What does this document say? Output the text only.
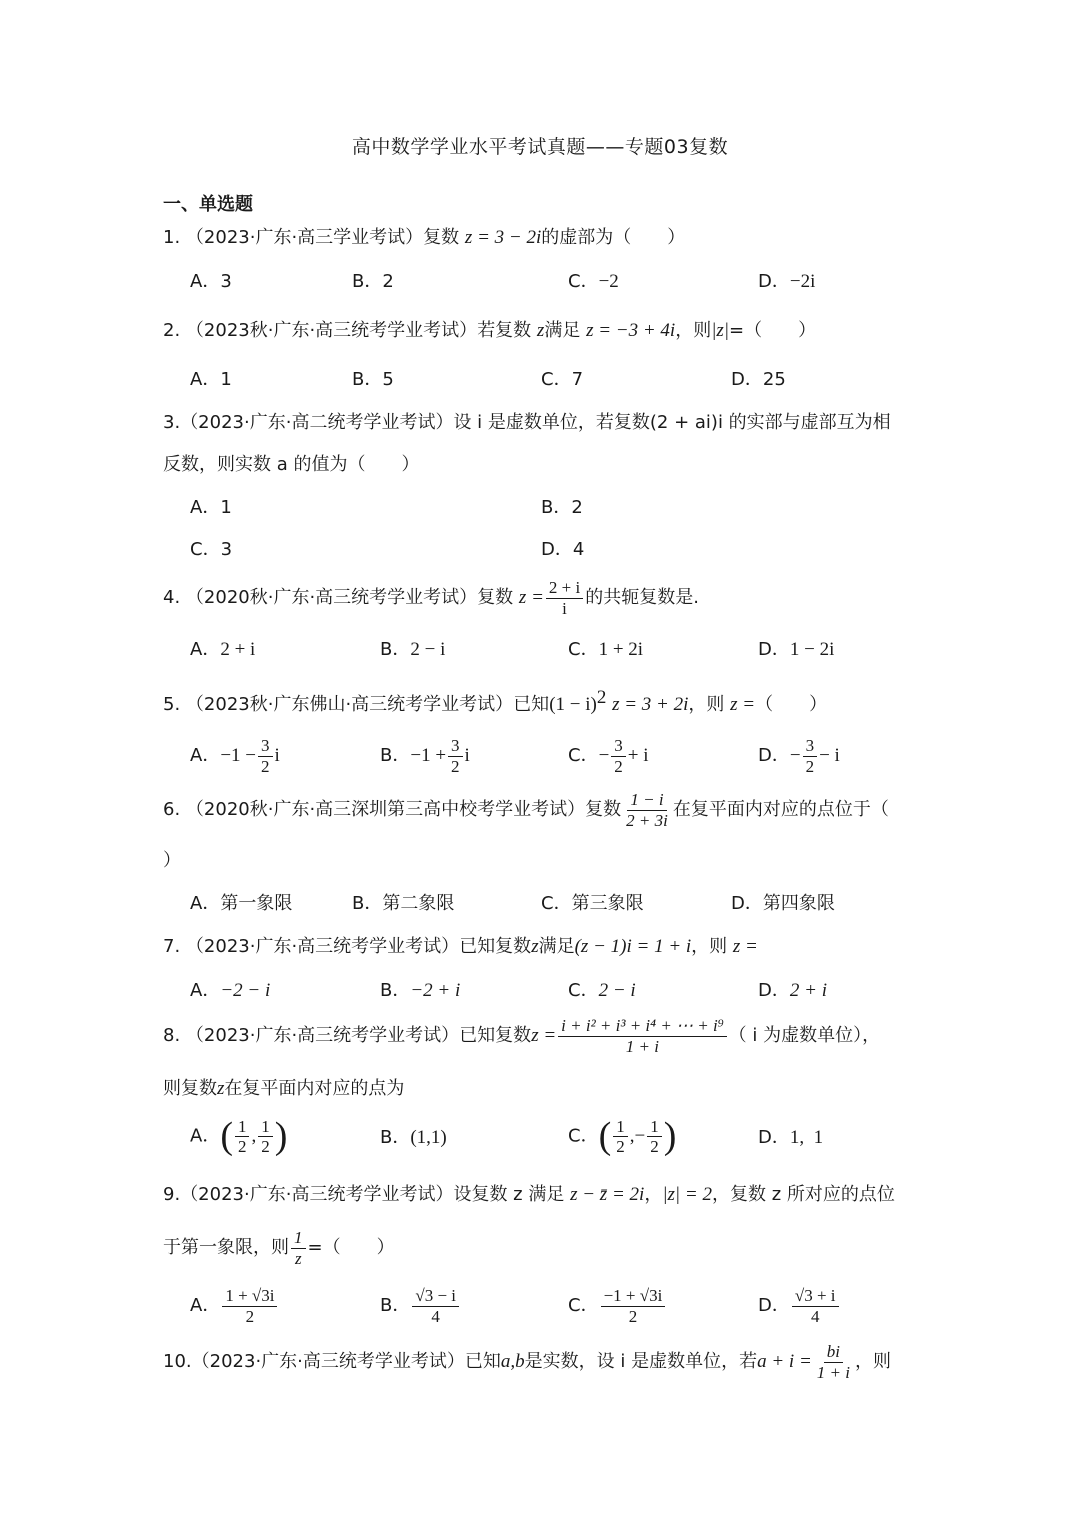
高中数学学业水平考试真题——专题03复数
一、单选题
1. （2023·广东·高三学业考试）复数 z = 3 − 2i的虚部为（　　）
A．3	B．2	C．−2	D．−2i
2. （2023秋·广东·高三统考学业考试）若复数 z满足 z = −3 + 4i，则|z|=（　　）
A．1	B．5	C．7	D．25
3.（2023·广东·高二统考学业考试）设 i 是虚数单位，若复数(2 + ai)i 的实部与虚部互为相
反数，则实数 a 的值为（　　）
A．1	B．2
C．3	D．4
4. （2020秋·广东·高三统考学业考试）复数 $z = \frac{2 + i}{i}$ 的共轭复数是.
A．2 + i	B．2 − i	C．1 + 2i	D．1 − 2i
5. （2023秋·广东佛山·高三统考学业考试）已知$(1 - i)^2$ z = 3 + 2i，则 z =（　　）
A．$-1 - \frac{3}{2}$ i	B．$-1 + \frac{3}{2}$ i	C．− $\frac{3}{2} + i$	D．− $\frac{3}{2} - i$
6. （2020秋·广东·高三深圳第三高中校考学业考试）复数 $\frac{1 - i}{2 + 3i}$ 在复平面内对应的点位于（
）
A．第一象限	B．第二象限	C．第三象限	D．第四象限
7. （2023·广东·高三统考学业考试）已知复数z满足(z − 1)i = 1 + i，则 z =
A．−2 − i	B．−2 + i	C．2 − i	D．2 + i
8. （2023·广东·高三统考学业考试）已知复数$z = \frac{\text{i + i² + i³ + i⁴ + ⋯ + i⁹}}{1 + i}$ （ i 为虚数单位），
则复数z在复平面内对应的点为
A．( $\frac{1}{2}$ , $\frac{1}{2}$ )	B．(1,1)	C．( $\frac{1}{2}$ ,− $\frac{1}{2}$ )	D．1,  1
9.（2023·广东·高三统考学业考试）设复数 z 满足 z − z̄ = 2i，|z| = 2，复数 z 所对应的点位
于第一象限，则 $\frac{1}{z}$ =（　　）
A． $\frac{1 + √3i}{2}$	B． $\frac{√3 - i}{4}$	C． $\frac{-1 + √3i}{2}$	D． $\frac{√3 + i}{4}$
10.（2023·广东·高三统考学业考试）已知a,b是实数，设 i 是虚数单位，若$a + i = \frac{bi}{1 + i}$ ，则
